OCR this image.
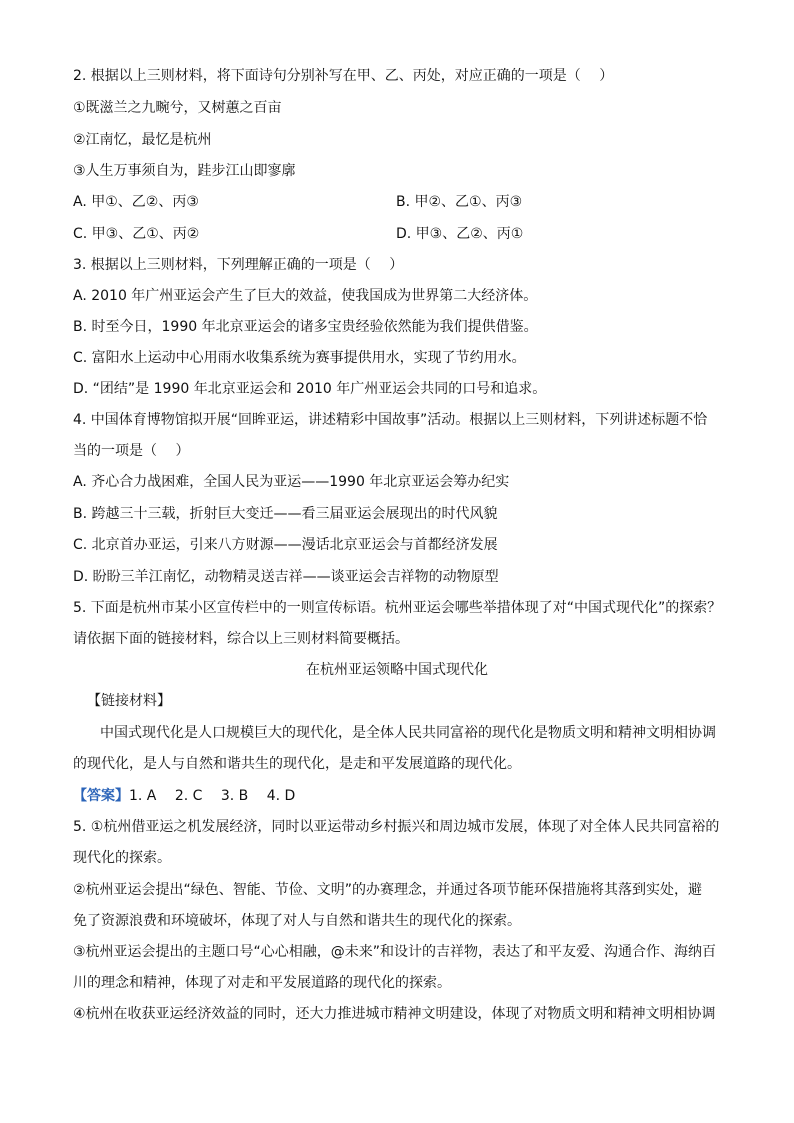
2. 根据以上三则材料，将下面诗句分别补写在甲、乙、丙处，对应正确的一项是（　 ）
①既滋兰之九畹兮，又树蕙之百亩
②江南忆，最忆是杭州
③人生万事须自为，跬步江山即寥廓
A. 甲①、乙②、丙③	B. 甲②、乙①、丙③
C. 甲③、乙①、丙②	D. 甲③、乙②、丙①
3. 根据以上三则材料，下列理解正确的一项是（　 ）
A. 2010 年广州亚运会产生了巨大的效益，使我国成为世界第二大经济体。
B. 时至今日，1990 年北京亚运会的诸多宝贵经验依然能为我们提供借鉴。
C. 富阳水上运动中心用雨水收集系统为赛事提供用水，实现了节约用水。
D. “团结”是 1990 年北京亚运会和 2010 年广州亚运会共同的口号和追求。
4. 中国体育博物馆拟开展“回眸亚运，讲述精彩中国故事”活动。根据以上三则材料，下列讲述标题不恰
当的一项是（　 ）
A. 齐心合力战困难，全国人民为亚运——1990 年北京亚运会筹办纪实
B. 跨越三十三载，折射巨大变迁——看三届亚运会展现出的时代风貌
C. 北京首办亚运，引来八方财源——漫话北京亚运会与首都经济发展
D. 盼盼三羊江南忆，动物精灵送吉祥——谈亚运会吉祥物的动物原型
5. 下面是杭州市某小区宣传栏中的一则宣传标语。杭州亚运会哪些举措体现了对“中国式现代化”的探索？
请依据下面的链接材料，综合以上三则材料简要概括。
在杭州亚运领略中国式现代化
【链接材料】
中国式现代化是人口规模巨大的现代化，是全体人民共同富裕的现代化是物质文明和精神文明相协调
的现代化，是人与自然和谐共生的现代化，是走和平发展道路的现代化。
【答案】1. A　 2. C　 3. B　 4. D
5. ①杭州借亚运之机发展经济，同时以亚运带动乡村振兴和周边城市发展，体现了对全体人民共同富裕的
现代化的探索。
②杭州亚运会提出“绿色、智能、节俭、文明”的办赛理念，并通过各项节能环保措施将其落到实处，避
免了资源浪费和环境破坏，体现了对人与自然和谐共生的现代化的探索。
③杭州亚运会提出的主题口号“心心相融，@未来”和设计的吉祥物，表达了和平友爱、沟通合作、海纳百
川的理念和精神，体现了对走和平发展道路的现代化的探索。
④杭州在收获亚运经济效益的同时，还大力推进城市精神文明建设，体现了对物质文明和精神文明相协调
